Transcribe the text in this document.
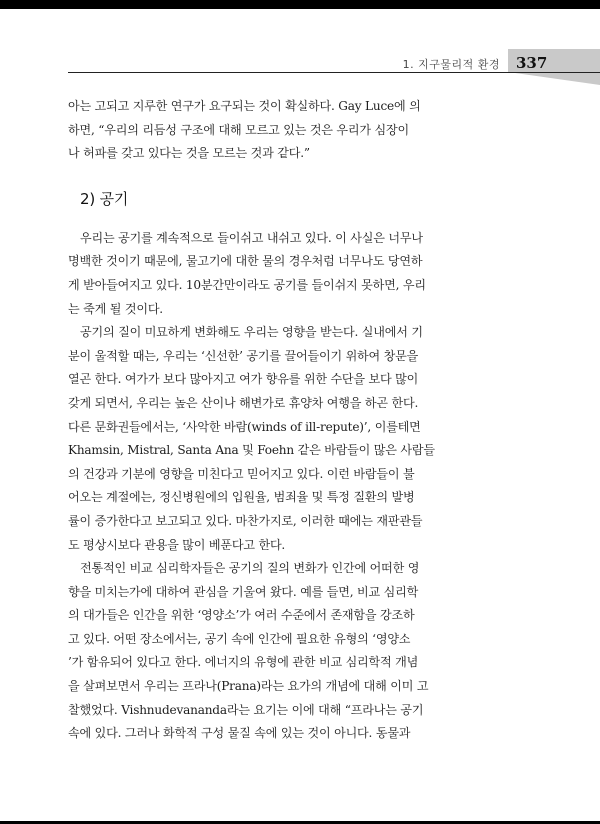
1. 지구물리적 환경 337
아는 고되고 지루한 연구가 요구되는 것이 확실하다. Gay Luce에 의
하면, “우리의 리듬성 구조에 대해 모르고 있는 것은 우리가 심장이
나 허파를 갖고 있다는 것을 모르는 것과 같다.”
2) 공기
우리는 공기를 계속적으로 들이쉬고 내쉬고 있다. 이 사실은 너무나
명백한 것이기 때문에, 물고기에 대한 물의 경우처럼 너무나도 당연하
게 받아들여지고 있다. 10분간만이라도 공기를 들이쉬지 못하면, 우리
는 죽게 될 것이다.
공기의 질이 미묘하게 변화해도 우리는 영향을 받는다. 실내에서 기
분이 울적할 때는, 우리는 ‘신선한’ 공기를 끌어들이기 위하여 창문을
열곤 한다. 여가가 보다 많아지고 여가 향유를 위한 수단을 보다 많이
갖게 되면서, 우리는 높은 산이나 해변가로 휴양차 여행을 하곤 한다.
다른 문화권들에서는, ‘사악한 바람(winds of ill-repute)’, 이를테면
Khamsin, Mistral, Santa Ana 및 Foehn 같은 바람들이 많은 사람들
의 건강과 기분에 영향을 미친다고 믿어지고 있다. 이런 바람들이 불
어오는 계절에는, 정신병원에의 입원율, 범죄율 및 특정 질환의 발병
률이 증가한다고 보고되고 있다. 마찬가지로, 이러한 때에는 재판관들
도 평상시보다 관용을 많이 베푼다고 한다.
전통적인 비교 심리학자들은 공기의 질의 변화가 인간에 어떠한 영
향을 미치는가에 대하여 관심을 기울여 왔다. 예를 들면, 비교 심리학
의 대가들은 인간을 위한 ‘영양소’가 여러 수준에서 존재함을 강조하
고 있다. 어떤 장소에서는, 공기 속에 인간에 필요한 유형의 ‘영양소
’가 함유되어 있다고 한다. 에너지의 유형에 관한 비교 심리학적 개념
을 살펴보면서 우리는 프라나(Prana)라는 요가의 개념에 대해 이미 고
찰했었다. Vishnudevananda라는 요기는 이에 대해 “프라나는 공기
속에 있다. 그러나 화학적 구성 물질 속에 있는 것이 아니다. 동물과
